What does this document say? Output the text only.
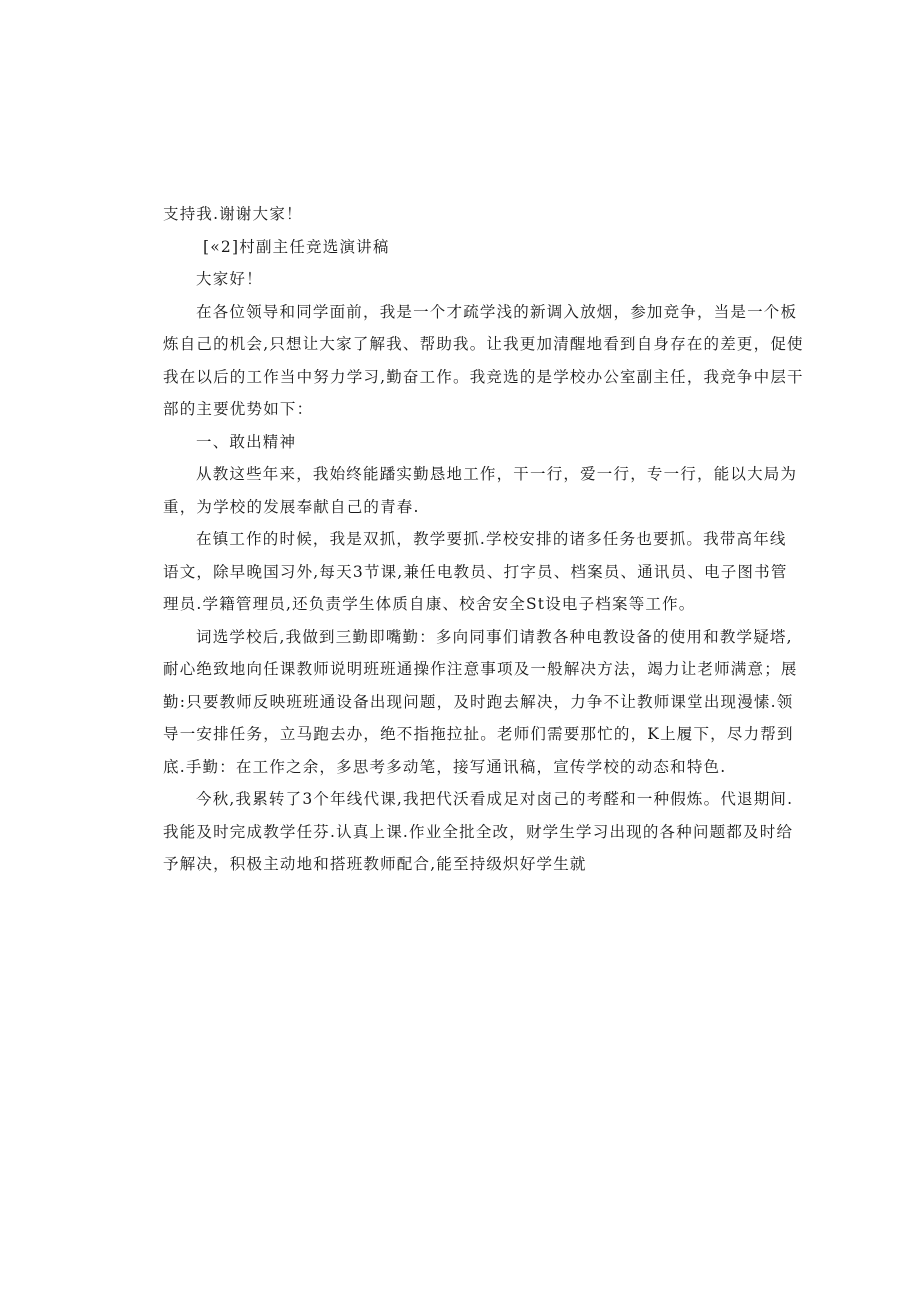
支持我.谢谢大家！

[«2]村副主任竞选演讲稿

大家好！

在各位领导和同学面前，我是一个才疏学浅的新调入放烟，参加竞争，当是一个板

炼自己的机会,只想让大家了解我、帮助我。让我更加清醒地看到自身存在的差更，促使

我在以后的工作当中努力学习,勤奋工作。我竞选的是学校办公室副主任，我竞争中层干

部的主要优势如下：

一、敢出精神

从教这些年来，我始终能蹯实勤恳地工作，干一行，爱一行，专一行，能以大局为

重，为学校的发展奉献自己的青春.

在镇工作的时候，我是双抓，教学要抓.学校安排的诸多任务也要抓。我带高年线

语文，除早晚国习外,每天3节课,兼任电教员、打字员、档案员、通讯员、电子图书管

理员.学籍管理员,还负责学生体质自康、校舍安全St设电子档案等工作。

词选学校后,我做到三勤即嘴勤：多向同事们请教各种电教设备的使用和教学疑塔,

耐心绝致地向任课教师说明班班通操作注意事项及一般解决方法，竭力让老师满意；展

勤:只要教师反映班班通设备出现问题，及时跑去解决，力争不让教师课堂出现漫愫.领

导一安排任务，立马跑去办，绝不指拖拉扯。老师们需要那忙的，K上履下，尽力帮到

底.手勤：在工作之余，多思考多动笔，接写通讯稿，宣传学校的动态和特色.

今秋,我累转了3个年线代课,我把代沃看成足对卤己的考醛和一种假炼。代退期间.

我能及时完成教学任芬.认真上课.作业全批全改，财学生学习出现的各种问题都及时给

予解决，积极主动地和搭班教师配合,能至持级炽好学生就
